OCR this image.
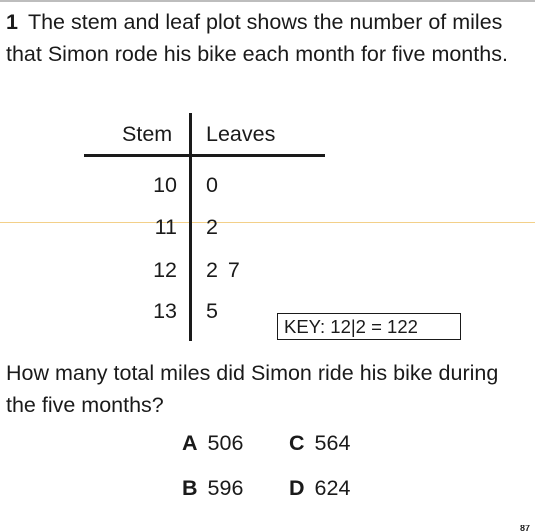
1 The stem and leaf plot shows the number of miles that Simon rode his bike each month for five months.
Stem Leaves
10 0
11 2
12 2 7
13 5
KEY: 12|2 = 122
How many total miles did Simon ride his bike during the five months?
A 506 C 564
B 596 D 624
87
